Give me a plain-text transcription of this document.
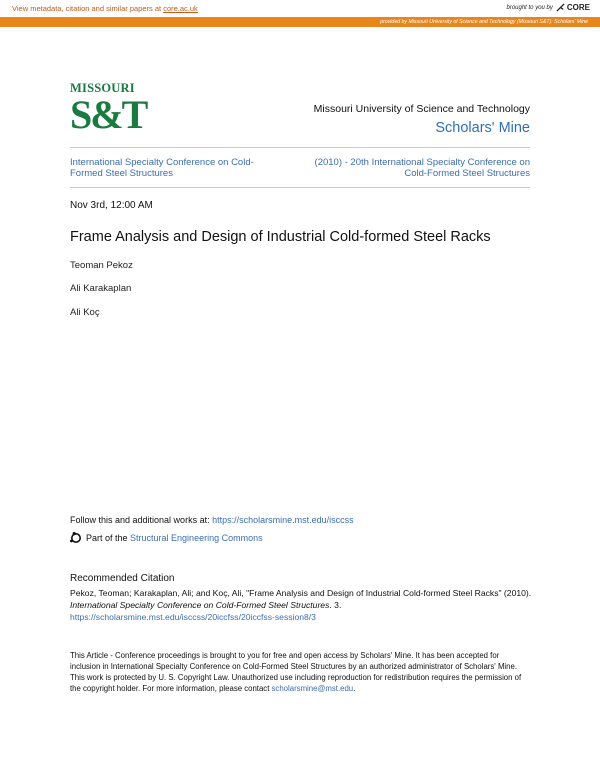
View metadata, citation and similar papers at core.ac.uk	brought to you by CORE
provided by Missouri University of Science and Technology (Missouri S&T): Scholars' Mine
MISSOURI
S&T	Missouri University of Science and Technology
Scholars' Mine
International Specialty Conference on Cold-Formed Steel Structures
(2010) - 20th International Specialty Conference on Cold-Formed Steel Structures
Nov 3rd, 12:00 AM
Frame Analysis and Design of Industrial Cold-formed Steel Racks
Teoman Pekoz
Ali Karakaplan
Ali Koç
Follow this and additional works at: https://scholarsmine.mst.edu/isccss
Part of the Structural Engineering Commons
Recommended Citation
Pekoz, Teoman; Karakaplan, Ali; and Koç, Ali, "Frame Analysis and Design of Industrial Cold-formed Steel Racks" (2010). International Specialty Conference on Cold-Formed Steel Structures. 3.
https://scholarsmine.mst.edu/isccss/20iccfss/20iccfss-session8/3
This Article - Conference proceedings is brought to you for free and open access by Scholars' Mine. It has been accepted for inclusion in International Specialty Conference on Cold-Formed Steel Structures by an authorized administrator of Scholars' Mine. This work is protected by U. S. Copyright Law. Unauthorized use including reproduction for redistribution requires the permission of the copyright holder. For more information, please contact scholarsmine@mst.edu.
